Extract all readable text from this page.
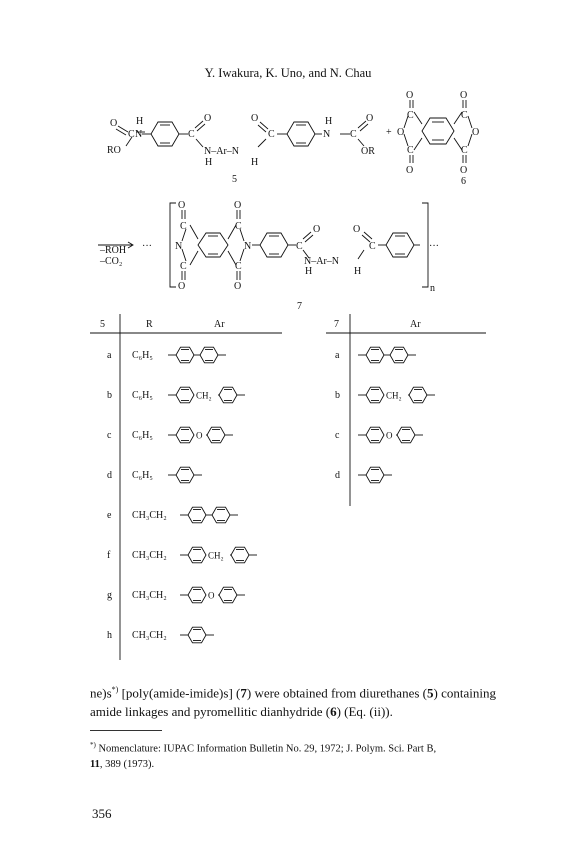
Y. Iwakura, K. Uno, and N. Chau
O
C
H
N
RO
C
O
N–Ar–N
H	H
O
C
H
N C
O
OR
5
+
O
C
O
C
O
O
C
O
C
O
6
–ROH
–CO₂
···
O
C
N
C
O
O
C
N
C
O
C
O
N–Ar–N
H	H
O
C	···
n
7
5	R	Ar
a C₆H₅
b C₆H₅	CH₂
c C₆H₅	O
d C₆H₅
e CH₃CH₂
f CH₃CH₂	CH₂
g CH₃CH₂	O
h CH₃CH₂
7	Ar
a
b	CH₂
c	O
d
ne)s*) [poly(amide-imide)s] (7) were obtained from diurethanes (5) containing amide linkages and pyromellitic dianhydride (6) (Eq. (ii)).
*) Nomenclature: IUPAC Information Bulletin No. 29, 1972; J. Polym. Sci. Part B,
11, 389 (1973).
356
